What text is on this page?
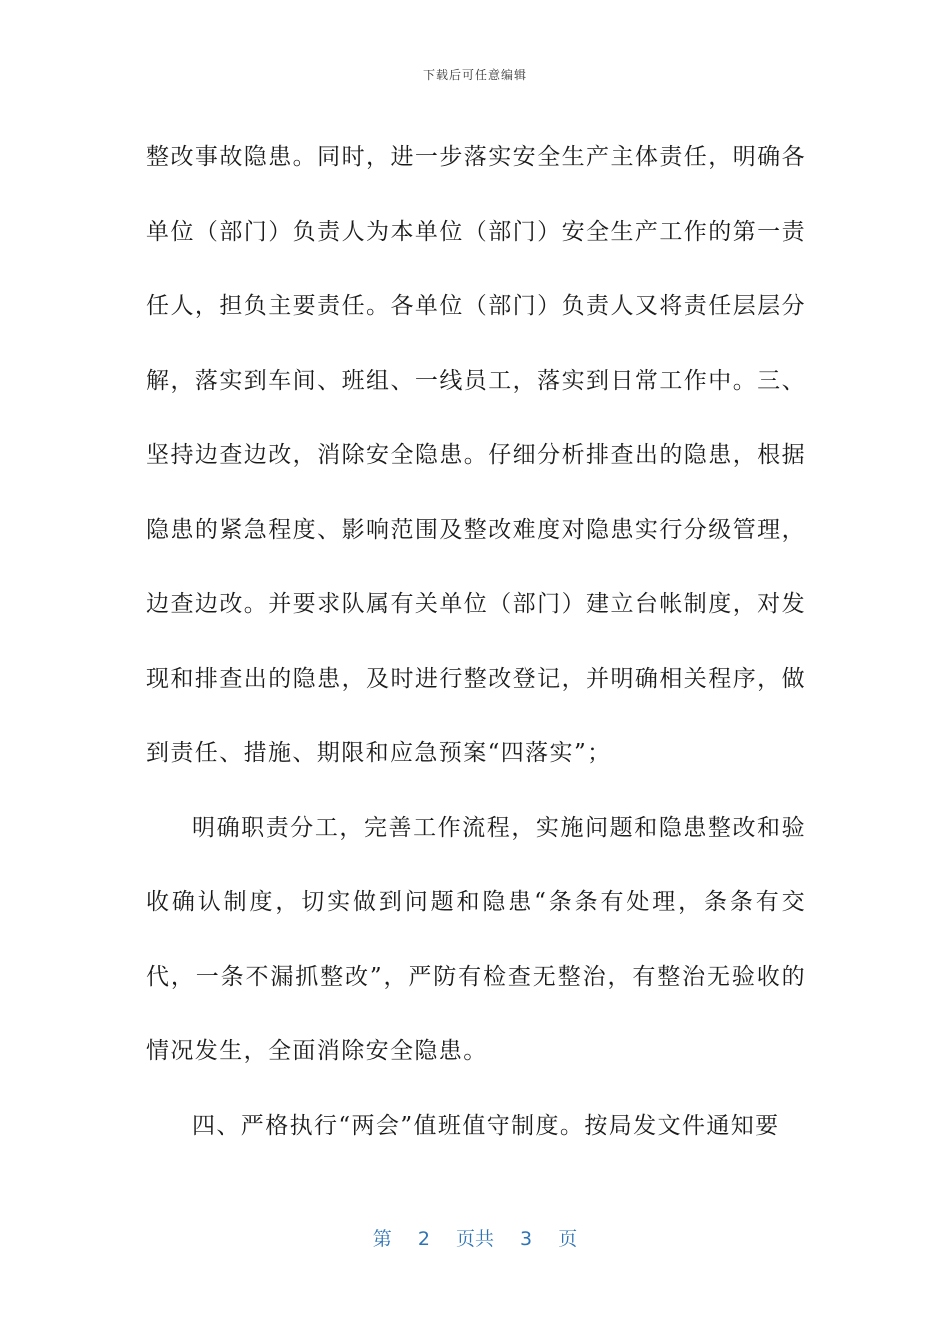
下载后可任意编辑

整改事故隐患。同时，进一步落实安全生产主体责任，明确各单位（部门）负责人为本单位（部门）安全生产工作的第一责任人，担负主要责任。各单位（部门）负责人又将责任层层分解，落实到车间、班组、一线员工，落实到日常工作中。三、坚持边查边改，消除安全隐患。仔细分析排查出的隐患，根据隐患的紧急程度、影响范围及整改难度对隐患实行分级管理，边查边改。并要求队属有关单位（部门）建立台帐制度，对发现和排查出的隐患，及时进行整改登记，并明确相关程序，做到责任、措施、期限和应急预案“四落实”；

明确职责分工，完善工作流程，实施问题和隐患整改和验收确认制度，切实做到问题和隐患“条条有处理，条条有交代，一条不漏抓整改”，严防有检查无整治，有整治无验收的情况发生，全面消除安全隐患。

四、严格执行“两会”值班值守制度。按局发文件通知要

第 2 页共 3 页
